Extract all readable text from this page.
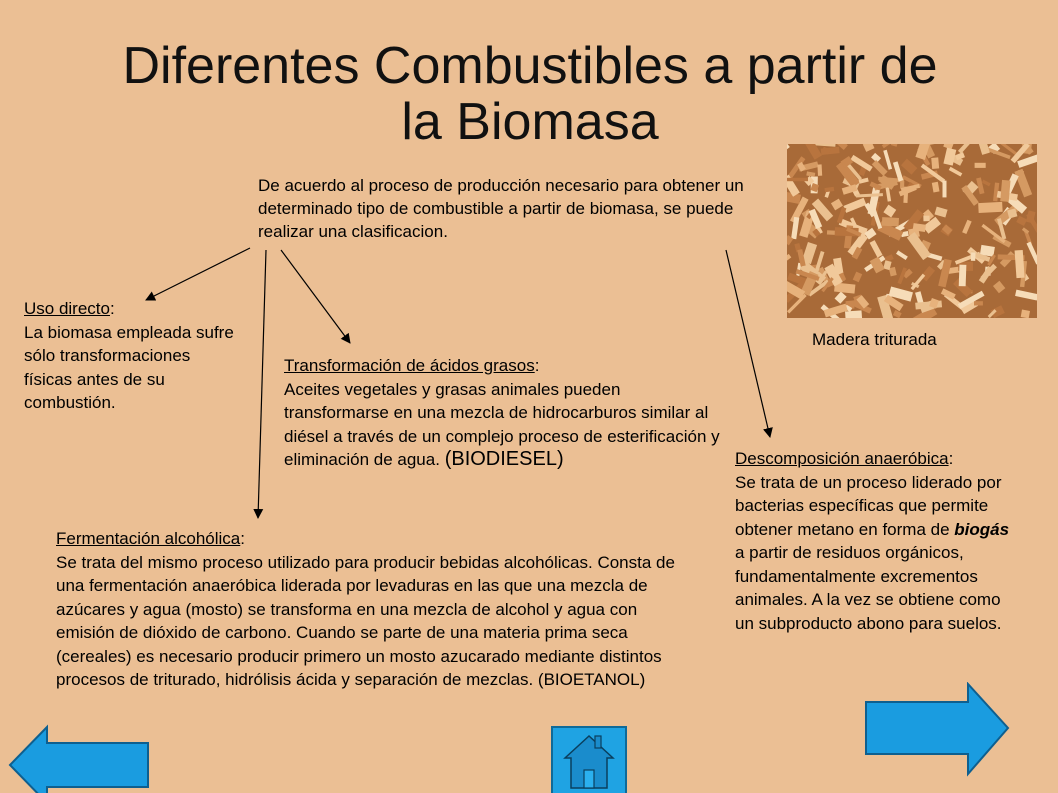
Diferentes Combustibles a partir de
la Biomasa

De acuerdo al proceso de producción necesario para obtener un determinado tipo de combustible a partir de biomasa, se puede realizar una clasificacion.

Madera triturada

Uso directo:
La biomasa empleada sufre sólo transformaciones físicas antes de su combustión.

Transformación de ácidos grasos:
Aceites vegetales y grasas animales pueden transformarse en una mezcla de hidrocarburos similar al diésel a través de un complejo proceso de esterificación y eliminación de agua. (BIODIESEL)

Fermentación alcohólica:
Se trata del mismo proceso utilizado para producir bebidas alcohólicas. Consta de una fermentación anaeróbica liderada por levaduras en las que una mezcla de azúcares y agua (mosto) se transforma en una mezcla de alcohol y agua con emisión de dióxido de carbono. Cuando se parte de una materia prima seca (cereales) es necesario producir primero un mosto azucarado mediante distintos procesos de triturado, hidrólisis ácida y separación de mezclas. (BIOETANOL)

Descomposición anaeróbica:
Se trata de un proceso liderado por bacterias específicas que permite obtener metano en forma de biogás a partir de residuos orgánicos, fundamentalmente excrementos animales. A la vez se obtiene como un subproducto abono para suelos.
